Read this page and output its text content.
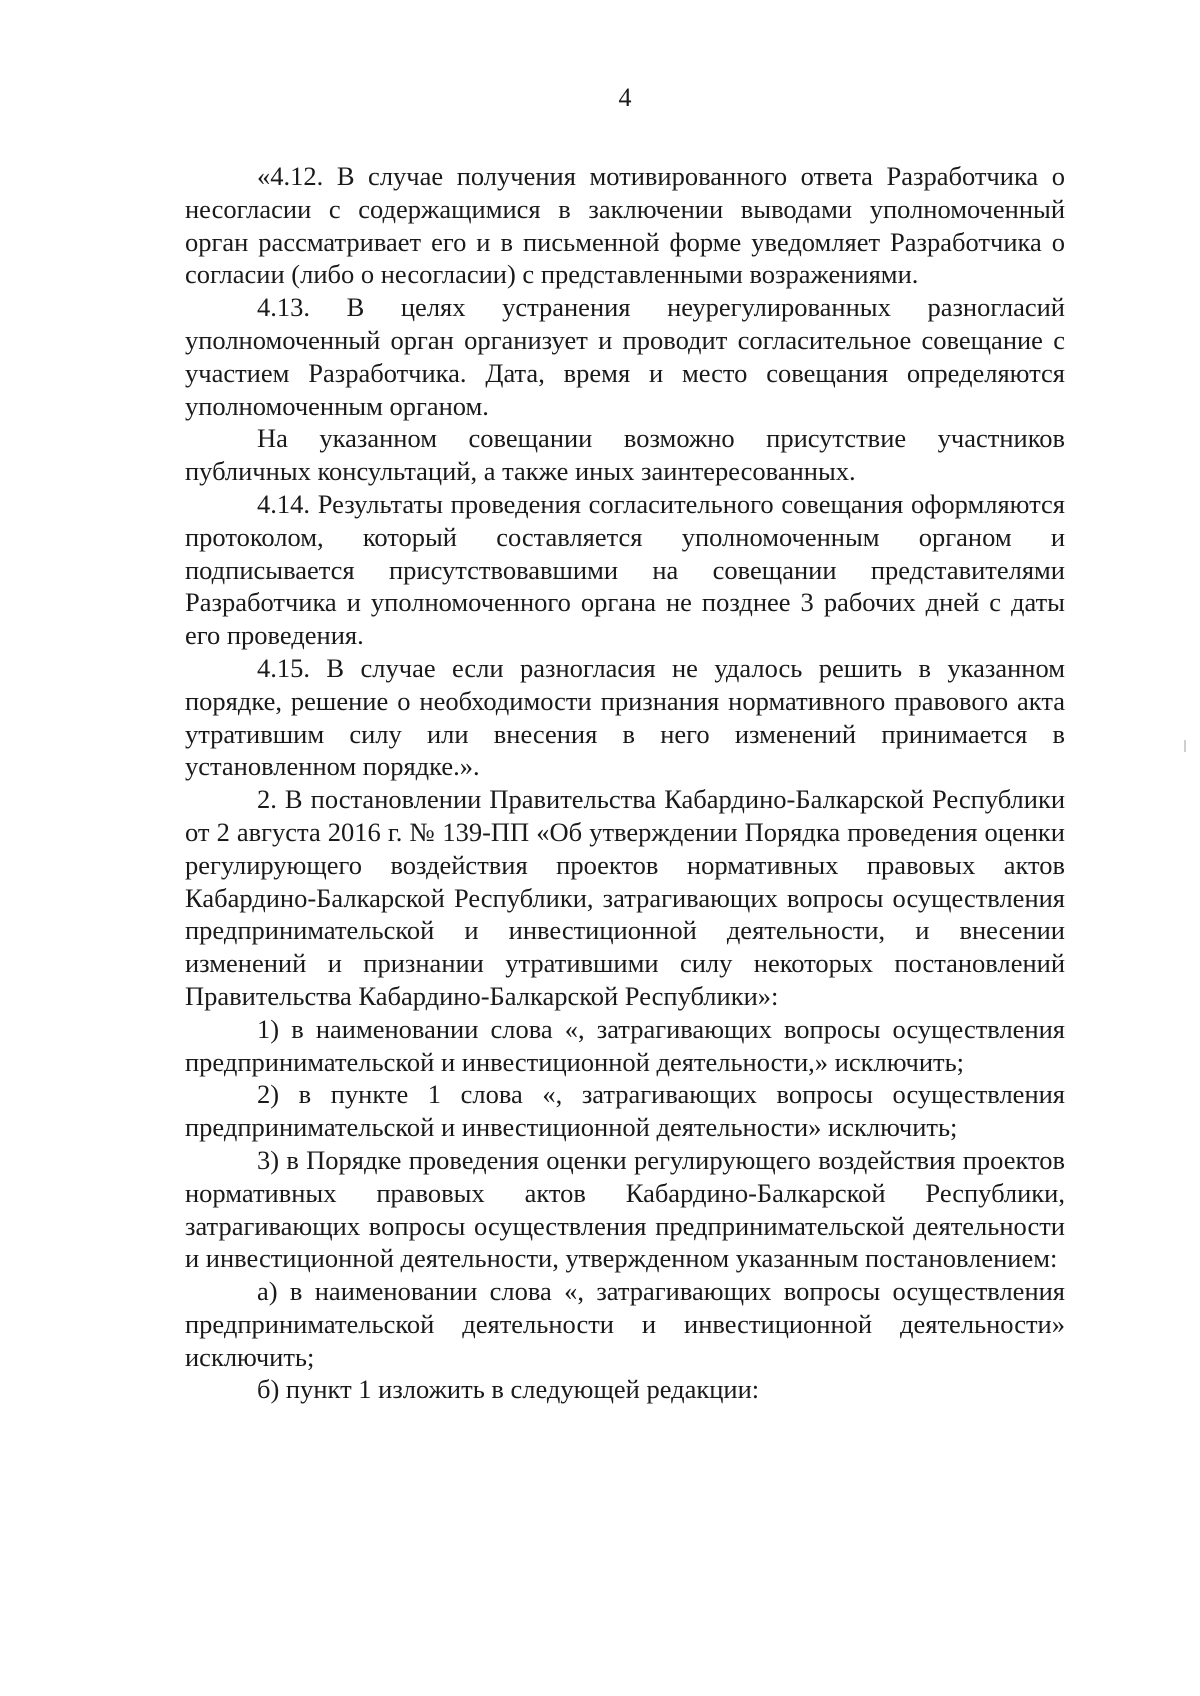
4

«4.12. В случае получения мотивированного ответа Разработчика о несогласии с содержащимися в заключении выводами уполномоченный орган рассматривает его и в письменной форме уведомляет Разработчика о согласии (либо о несогласии) с представленными возражениями.

4.13. В целях устранения неурегулированных разногласий уполномоченный орган организует и проводит согласительное совещание с участием Разработчика. Дата, время и место совещания определяются уполномоченным органом.

На указанном совещании возможно присутствие участников публичных консультаций, а также иных заинтересованных.

4.14. Результаты проведения согласительного совещания оформляются протоколом, который составляется уполномоченным органом и подписывается присутствовавшими на совещании представителями Разработчика и уполномоченного органа не позднее 3 рабочих дней с даты его проведения.

4.15. В случае если разногласия не удалось решить в указанном порядке, решение о необходимости признания нормативного правового акта утратившим силу или внесения в него изменений принимается в установленном порядке.».

2. В постановлении Правительства Кабардино-Балкарской Республики от 2 августа 2016 г. № 139-ПП «Об утверждении Порядка проведения оценки регулирующего воздействия проектов нормативных правовых актов Кабардино-Балкарской Республики, затрагивающих вопросы осуществления предпринимательской и инвестиционной деятельности, и внесении изменений и признании утратившими силу некоторых постановлений Правительства Кабардино-Балкарской Республики»:

1) в наименовании слова «, затрагивающих вопросы осуществления предпринимательской и инвестиционной деятельности,» исключить;

2) в пункте 1 слова «, затрагивающих вопросы осуществления предпринимательской и инвестиционной деятельности» исключить;

3) в Порядке проведения оценки регулирующего воздействия проектов нормативных правовых актов Кабардино-Балкарской Республики, затрагивающих вопросы осуществления предпринимательской деятельности и инвестиционной деятельности, утвержденном указанным постановлением:

а) в наименовании слова «, затрагивающих вопросы осуществления предпринимательской деятельности и инвестиционной деятельности» исключить;

б) пункт 1 изложить в следующей редакции:
